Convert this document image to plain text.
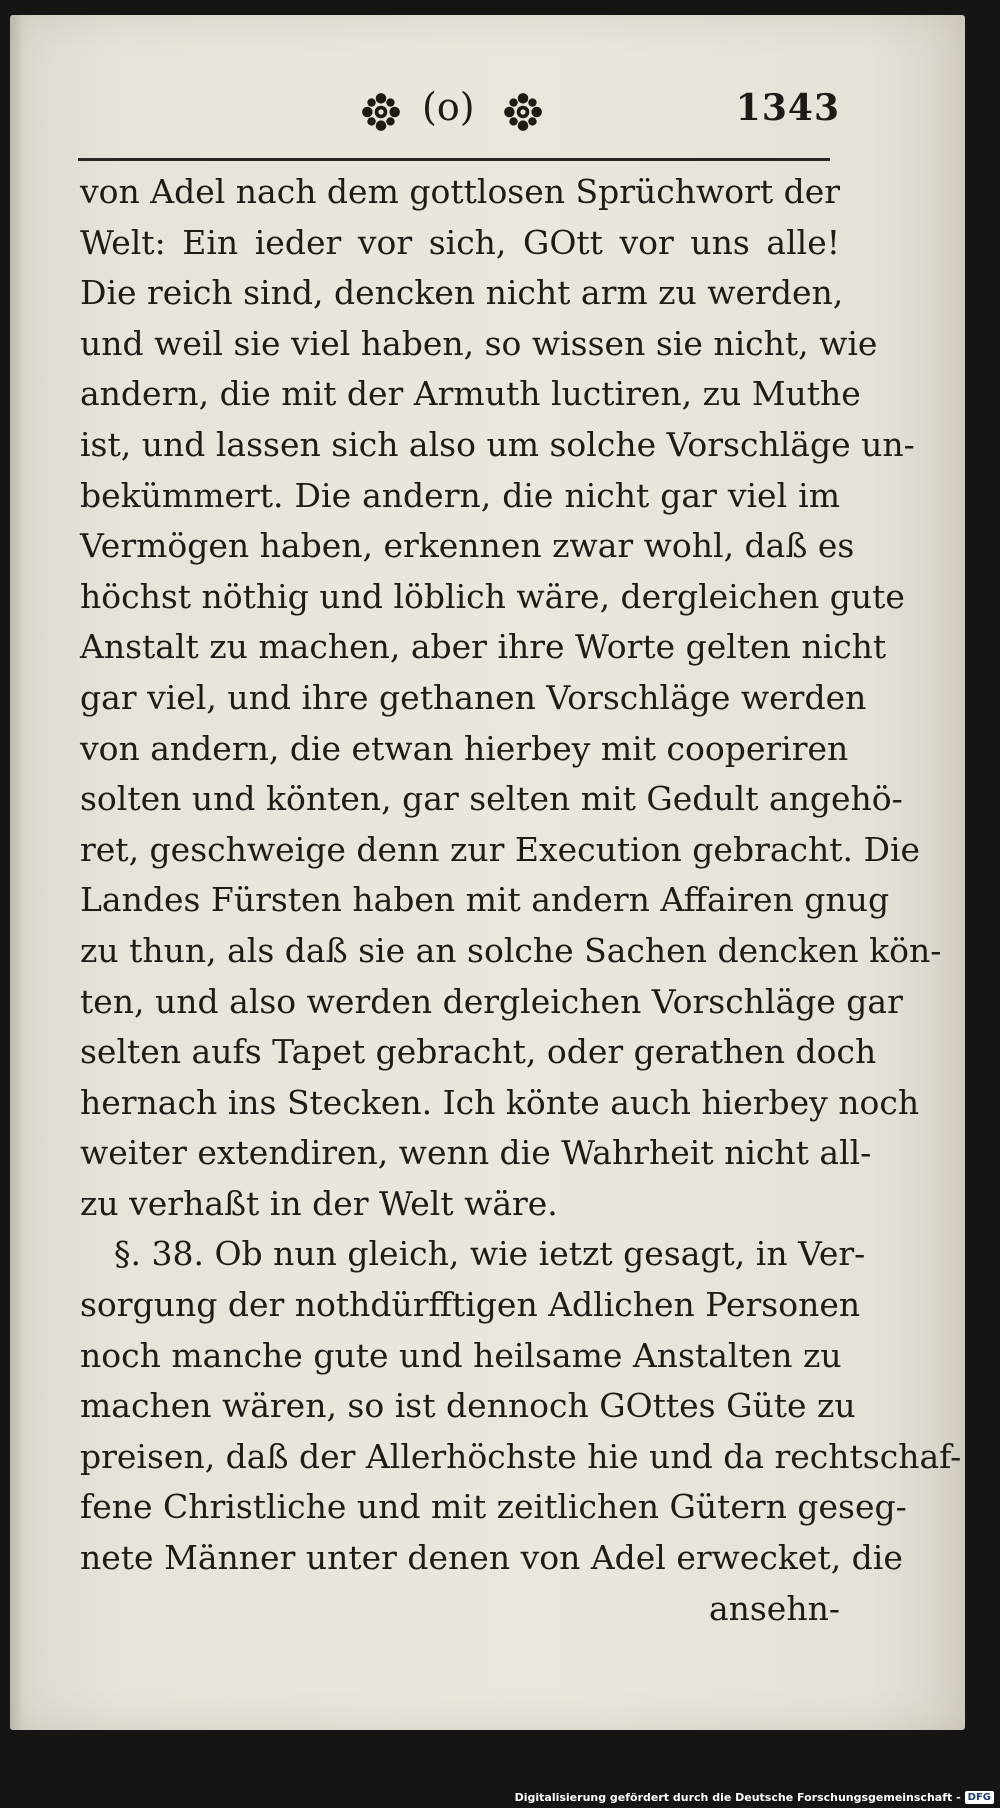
(o)	1343
von Adel nach dem gottlosen Sprüchwort der
Welt: Ein ieder vor sich, GOtt vor uns alle!
Die reich sind, dencken nicht arm zu werden,
und weil sie viel haben, so wissen sie nicht, wie
andern, die mit der Armuth luctiren, zu Muthe
ist, und lassen sich also um solche Vorschläge un-
bekümmert. Die andern, die nicht gar viel im
Vermögen haben, erkennen zwar wohl, daß es
höchst nöthig und löblich wäre, dergleichen gute
Anstalt zu machen, aber ihre Worte gelten nicht
gar viel, und ihre gethanen Vorschläge werden
von andern, die etwan hierbey mit cooperiren
solten und könten, gar selten mit Gedult angehö-
ret, geschweige denn zur Execution gebracht. Die
Landes Fürsten haben mit andern Affairen gnug
zu thun, als daß sie an solche Sachen dencken kön-
ten, und also werden dergleichen Vorschläge gar
selten aufs Tapet gebracht, oder gerathen doch
hernach ins Stecken. Ich könte auch hierbey noch
weiter extendiren, wenn die Wahrheit nicht all-
zu verhaßt in der Welt wäre.
§. 38. Ob nun gleich, wie ietzt gesagt, in Ver-
sorgung der nothdürfftigen Adlichen Personen
noch manche gute und heilsame Anstalten zu
machen wären, so ist dennoch GOttes Güte zu
preisen, daß der Allerhöchste hie und da rechtschaf-
fene Christliche und mit zeitlichen Gütern geseg-
nete Männer unter denen von Adel erwecket, die
ansehn-
Digitalisierung gefördert durch die Deutsche Forschungsgemeinschaft - DFG
